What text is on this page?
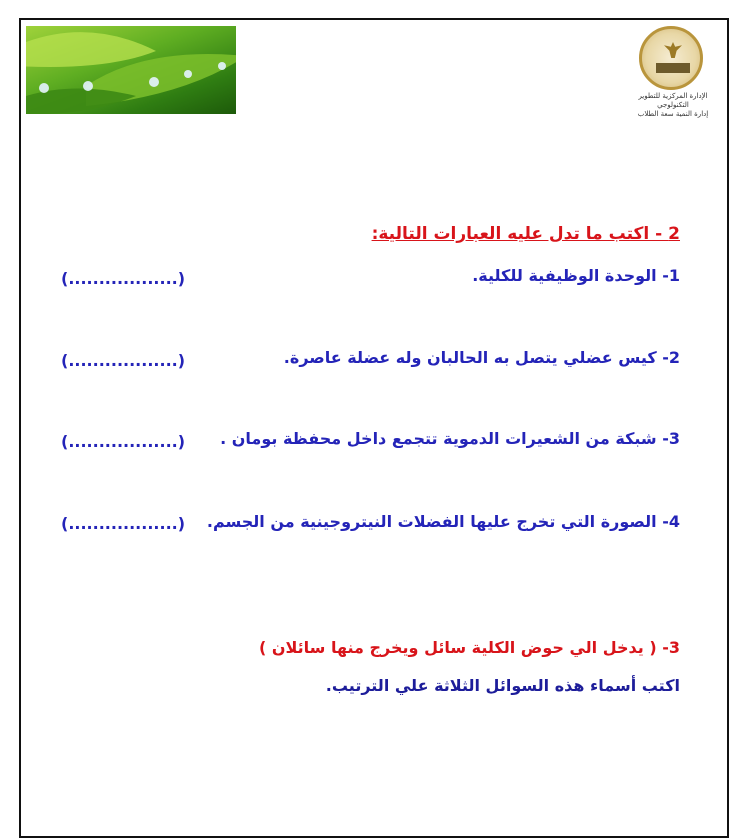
الإدارة المركزية للتطوير التكنولوجي
إدارة النمية سعة الطلاب
2 - اكتب ما تدل عليه العبارات التالية:
1- الوحدة الوظيفية للكلية.
(..................)
2- كيس عضلي يتصل به الحالبان وله عضلة عاصرة.
(..................)
3- شبكة من الشعيرات الدموية تتجمع داخل محفظة بومان .
(..................)
4- الصورة التي تخرج عليها الفضلات النيتروجينية من الجسم.
(..................)
3- ( يدخل الي حوض الكلية سائل ويخرج منها سائلان )
اكتب أسماء هذه السوائل الثلاثة علي الترتيب.
